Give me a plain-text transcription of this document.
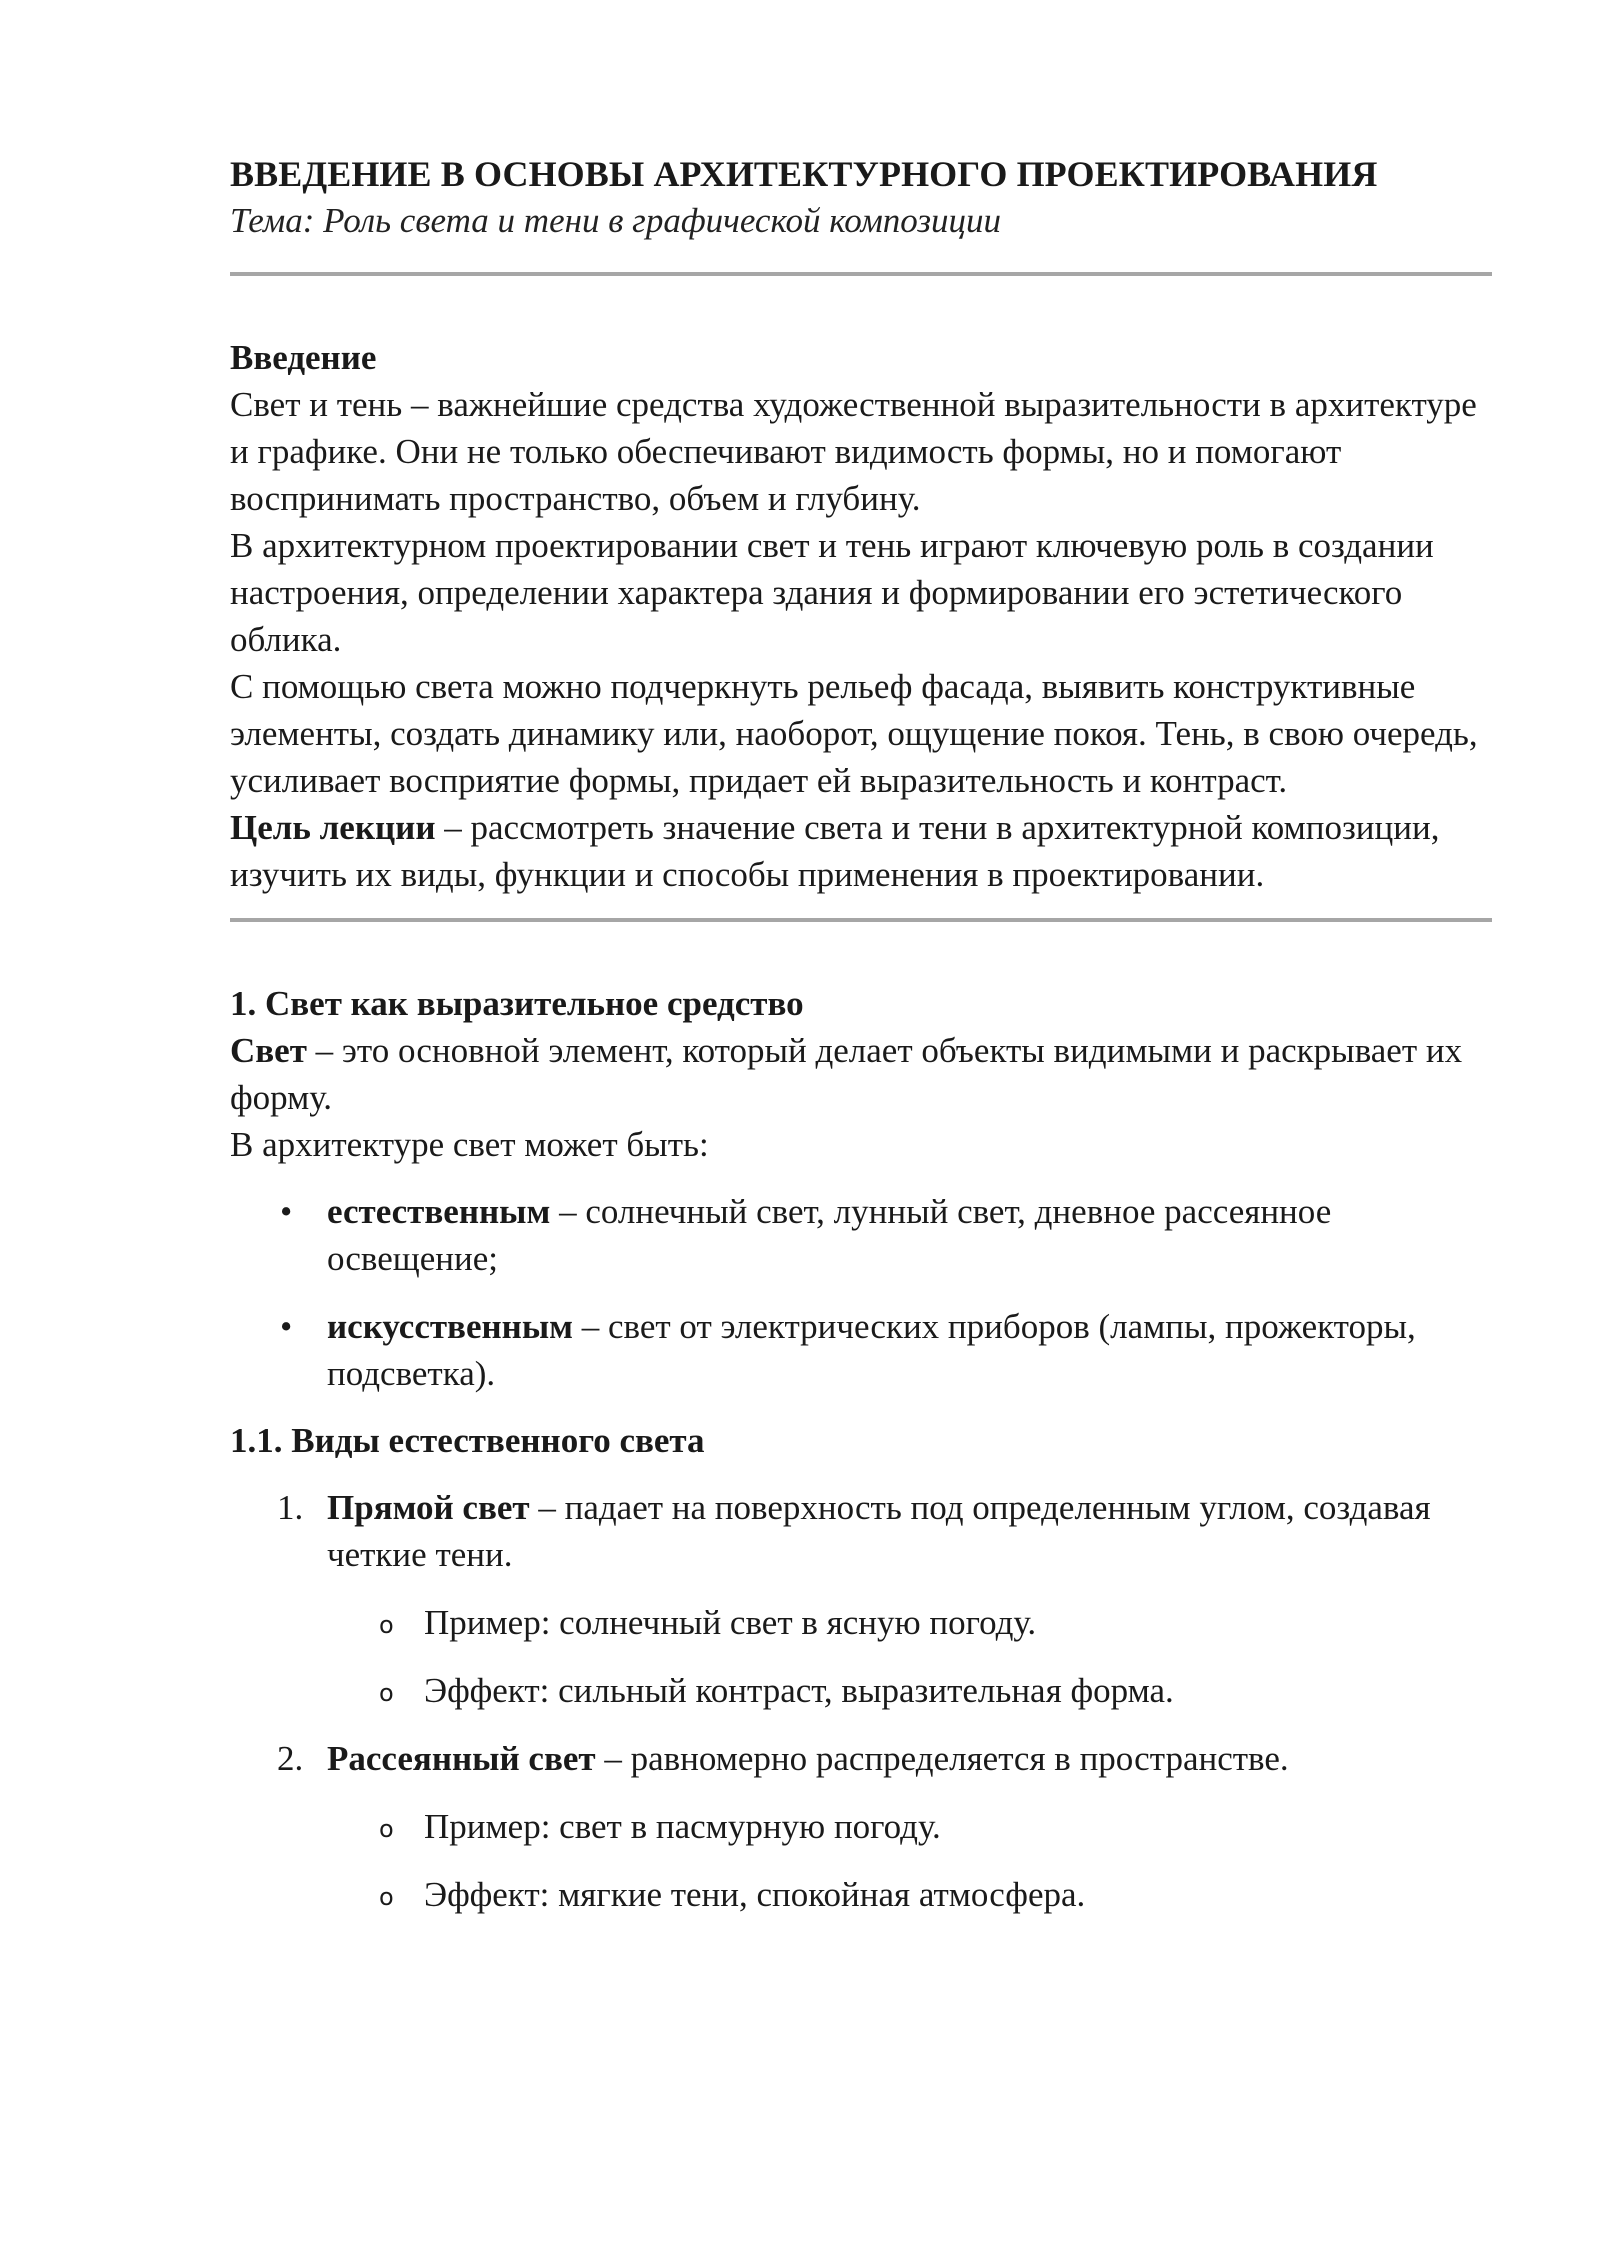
ВВЕДЕНИЕ В ОСНОВЫ АРХИТЕКТУРНОГО ПРОЕКТИРОВАНИЯ

Тема: Роль света и тени в графической композиции

Введение

Свет и тень – важнейшие средства художественной выразительности в архитектуре и графике. Они не только обеспечивают видимость формы, но и помогают воспринимать пространство, объем и глубину.
В архитектурном проектировании свет и тень играют ключевую роль в создании настроения, определении характера здания и формировании его эстетического облика.

С помощью света можно подчеркнуть рельеф фасада, выявить конструктивные элементы, создать динамику или, наоборот, ощущение покоя. Тень, в свою очередь, усиливает восприятие формы, придает ей выразительность и контраст.

Цель лекции – рассмотреть значение света и тени в архитектурной композиции, изучить их виды, функции и способы применения в проектировании.

1. Свет как выразительное средство

Свет – это основной элемент, который делает объекты видимыми и раскрывает их форму.
В архитектуре свет может быть:

• естественным – солнечный свет, лунный свет, дневное рассеянное освещение;
• искусственным – свет от электрических приборов (лампы, прожекторы, подсветка).
1.1. Виды естественного света
1. Прямой свет – падает на поверхность под определенным углом, создавая четкие тени.
o Пример: солнечный свет в ясную погоду.
o Эффект: сильный контраст, выразительная форма.
2. Рассеянный свет – равномерно распределяется в пространстве.
o Пример: свет в пасмурную погоду.
o Эффект: мягкие тени, спокойная атмосфера.
